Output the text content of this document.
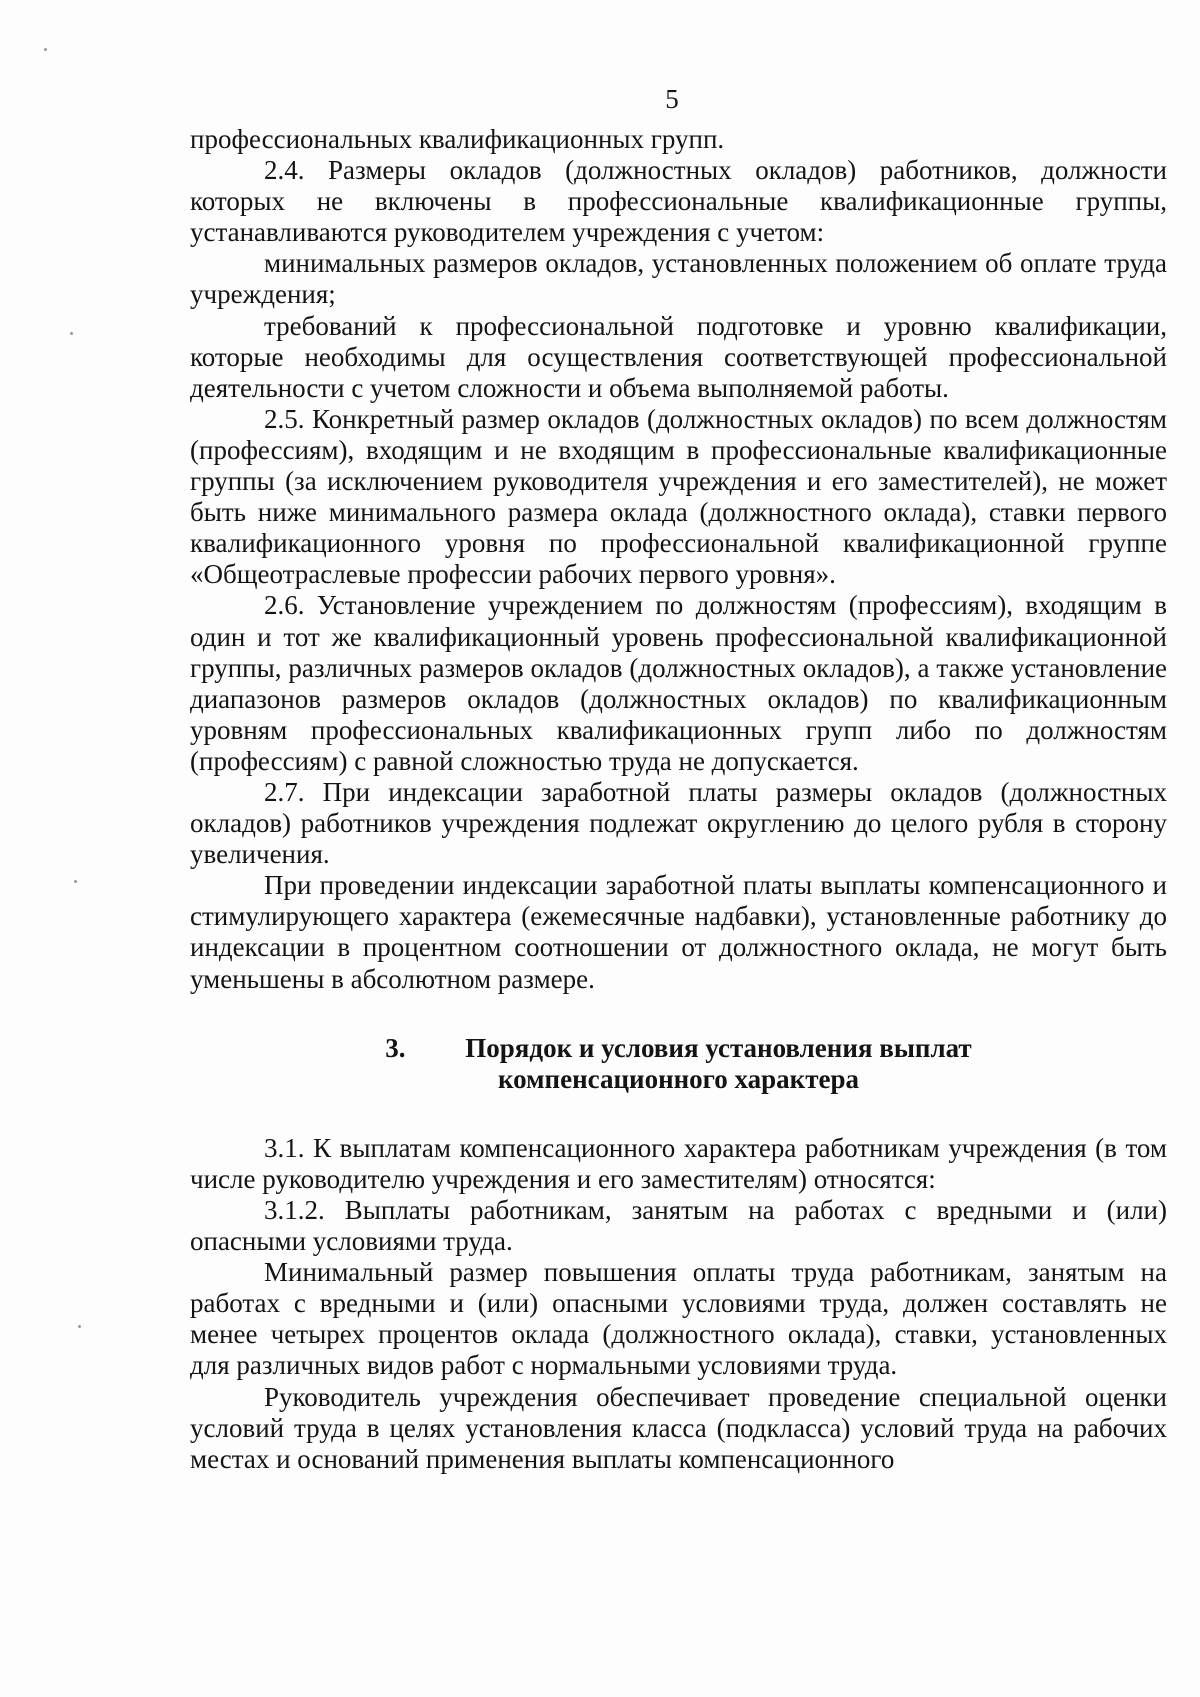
5

профессиональных квалификационных групп.

2.4. Размеры окладов (должностных окладов) работников, должности которых не включены в профессиональные квалификационные группы, устанавливаются руководителем учреждения с учетом:

минимальных размеров окладов, установленных положением об оплате труда учреждения;

требований к профессиональной подготовке и уровню квалификации, которые необходимы для осуществления соответствующей профессиональной деятельности с учетом сложности и объема выполняемой работы.

2.5. Конкретный размер окладов (должностных окладов) по всем должностям (профессиям), входящим и не входящим в профессиональные квалификационные группы (за исключением руководителя учреждения и его заместителей), не может быть ниже минимального размера оклада (должностного оклада), ставки первого квалификационного уровня по профессиональной квалификационной группе «Общеотраслевые профессии рабочих первого уровня».

2.6. Установление учреждением по должностям (профессиям), входящим в один и тот же квалификационный уровень профессиональной квалификационной группы, различных размеров окладов (должностных окладов), а также установление диапазонов размеров окладов (должностных окладов) по квалификационным уровням профессиональных квалификационных групп либо по должностям (профессиям) с равной сложностью труда не допускается.

2.7. При индексации заработной платы размеры окладов (должностных окладов) работников учреждения подлежат округлению до целого рубля в сторону увеличения.

При проведении индексации заработной платы выплаты компенсационного и стимулирующего характера (ежемесячные надбавки), установленные работнику до индексации в процентном соотношении от должностного оклада, не могут быть уменьшены в абсолютном размере.

3. Порядок и условия установления выплат
компенсационного характера

3.1. К выплатам компенсационного характера работникам учреждения (в том числе руководителю учреждения и его заместителям) относятся:

3.1.2. Выплаты работникам, занятым на работах с вредными и (или) опасными условиями труда.

Минимальный размер повышения оплаты труда работникам, занятым на работах с вредными и (или) опасными условиями труда, должен составлять не менее четырех процентов оклада (должностного оклада), ставки, установленных для различных видов работ с нормальными условиями труда.

Руководитель учреждения обеспечивает проведение специальной оценки условий труда в целях установления класса (подкласса) условий труда на рабочих местах и оснований применения выплаты компенсационного
